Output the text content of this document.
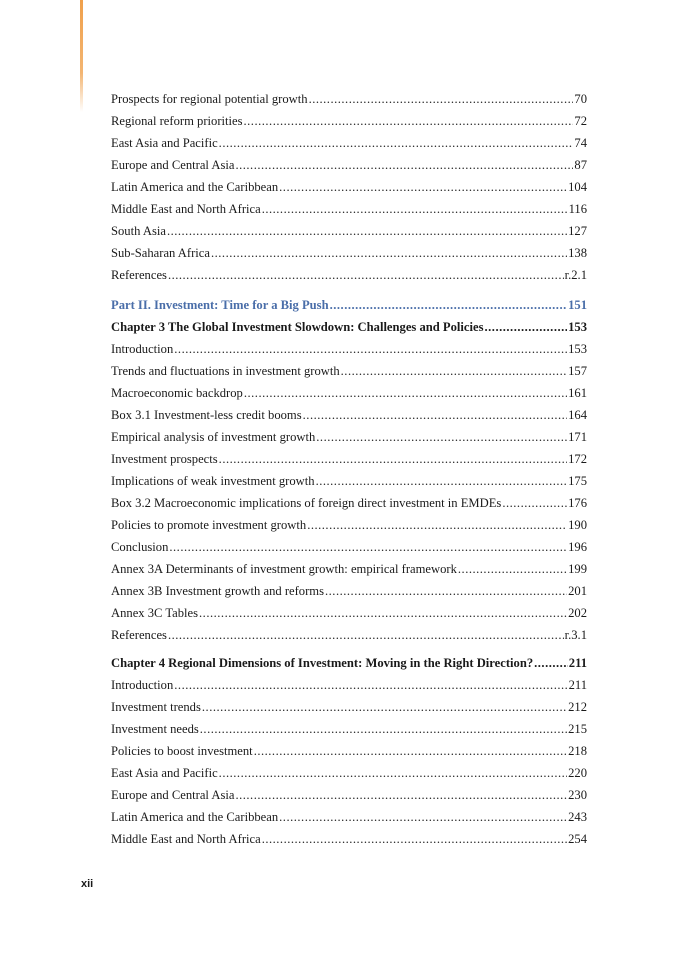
Prospects for regional potential growth .....	70
Regional reform priorities .....	72
East Asia and Pacific .....	74
Europe and Central Asia .....	87
Latin America and the Caribbean .....	104
Middle East and North Africa .....	116
South Asia .....	127
Sub-Saharan Africa .....	138
References .....	r.2.1
Part II. Investment: Time for a Big Push .....	151
Chapter 3 The Global Investment Slowdown: Challenges and Policies .....	153
Introduction .....	153
Trends and fluctuations in investment growth .....	157
Macroeconomic backdrop .....	161
Box 3.1 Investment-less credit booms .....	164
Empirical analysis of investment growth .....	171
Investment prospects .....	172
Implications of weak investment growth .....	175
Box 3.2 Macroeconomic implications of foreign direct investment in EMDEs .....	176
Policies to promote investment growth .....	190
Conclusion .....	196
Annex 3A Determinants of investment growth: empirical framework .....	199
Annex 3B Investment growth and reforms .....	201
Annex 3C Tables .....	202
References .....	r.3.1
Chapter 4 Regional Dimensions of Investment: Moving in the Right Direction? .....	211
Introduction .....	211
Investment trends .....	212
Investment needs .....	215
Policies to boost investment .....	218
East Asia and Pacific .....	220
Europe and Central Asia .....	230
Latin America and the Caribbean .....	243
Middle East and North Africa .....	254
xii
